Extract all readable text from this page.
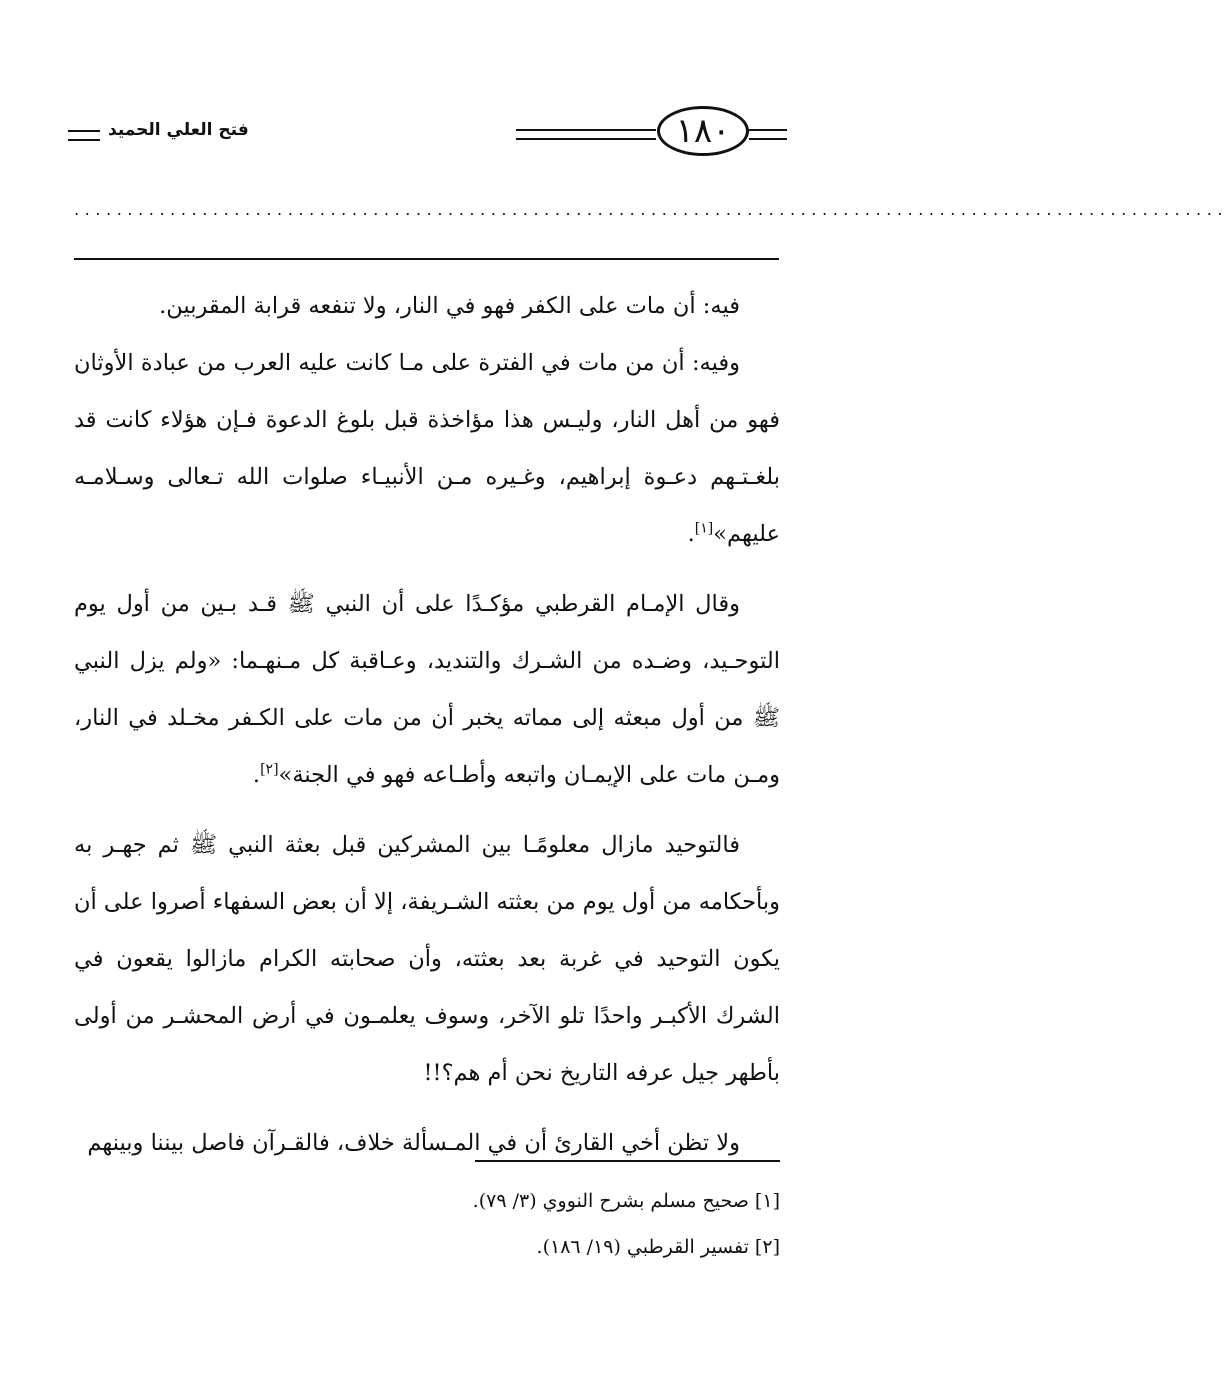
فتح العلي الحميد	١٨٠
............................................................................................................

فيه: أن مات على الكفر فهو في النار، ولا تنفعه قرابة المقربين.

وفيه: أن من مات في الفترة على مـا كانت عليه العرب من عبادة الأوثان فهو من أهل النار، وليـس هذا مؤاخذة قبل بلوغ الدعوة فـإن هؤلاء كانت قد بلغـتـهم دعـوة إبراهيم، وغـيره مـن الأنبيـاء صلوات الله تـعالى وسـلامـه عليهم»[١].

وقال الإمـام القرطبي مؤكـدًا على أن النبي ﷺ قـد بـين من أول يوم التوحـيد، وضـده من الشـرك والتنديد، وعـاقبة كل مـنهـما: «ولم يزل النبي ﷺ من أول مبعثه إلى مماته يخبر أن من مات على الكـفر مخـلد في النار، ومـن مات على الإيمـان واتبعه وأطـاعه فهو في الجنة»[٢].

فالتوحيد مازال معلومًـا بين المشركين قبل بعثة النبي ﷺ ثم جهـر به وبأحكامه من أول يوم من بعثته الشـريفة، إلا أن بعض السفهاء أصروا على أن يكون التوحيد في غربة بعد بعثته، وأن صحابته الكرام مازالوا يقعون في الشرك الأكبـر واحدًا تلو الآخر، وسوف يعلمـون في أرض المحشـر من أولى بأطهر جيل عرفه التاريخ نحن أم هم؟!!

ولا تظن أخي القارئ أن في المـسألة خلاف، فالقـرآن فاصل بيننا وبينهم

[١] صحيح مسلم بشرح النووي (٣/ ٧٩).

[٢] تفسير القرطبي (١٩/ ١٨٦).
